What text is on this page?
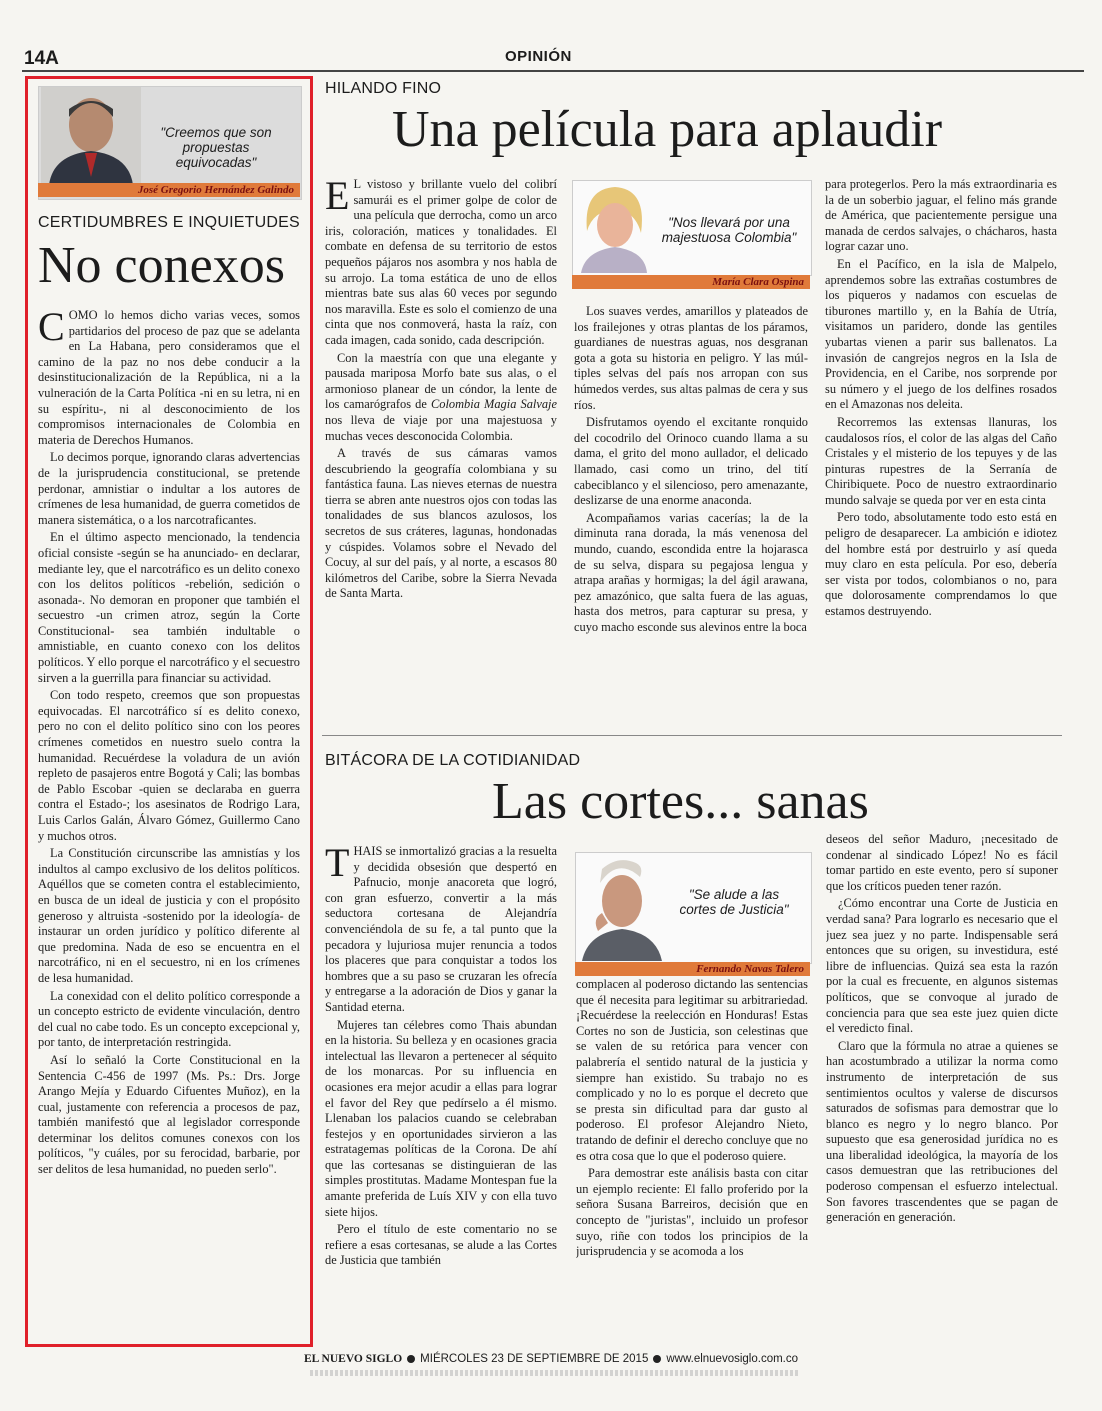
14A	OPINIÓN
"Creemos que son propuestas equivocadas"
José Gregorio Hernández Galindo
CERTIDUMBRES E INQUIETUDES
No conexos

COMO lo hemos dicho varias veces, somos partidarios del proceso de paz que se adelanta en La Habana, pero consideramos que el camino de la paz no nos debe conducir a la desinstitucionalización de la República, ni a la vulneración de la Carta Política -ni en su letra, ni en su espíritu-, ni al desconocimiento de los compromisos internacionales de Colombia en materia de Derechos Humanos.

Lo decimos porque, ignorando claras advertencias de la jurisprudencia constitucional, se pretende perdonar, amnistiar o indultar a los autores de crímenes de lesa humanidad, de guerra cometidos de manera sistemática, o a los narcotraficantes.

En el último aspecto mencionado, la tendencia oficial consiste -según se ha anunciado- en declarar, mediante ley, que el narcotráfico es un delito conexo con los delitos políticos -rebelión, sedición o asonada-. No demoran en proponer que también el secuestro -un crimen atroz, según la Corte Constitucional- sea también indultable o amnistiable, en cuanto conexo con los delitos políticos. Y ello porque el narcotráfico y el secuestro sirven a la guerrilla para financiar su actividad.

Con todo respeto, creemos que son propuestas equivocadas. El narcotráfico sí es delito conexo, pero no con el delito político sino con los peores crímenes cometidos en nuestro suelo contra la humanidad. Recuérdese la voladura de un avión repleto de pasajeros entre Bogotá y Cali; las bombas de Pablo Escobar -quien se declaraba en guerra contra el Estado-; los asesinatos de Rodrigo Lara, Luis Carlos Galán, Álvaro Gómez, Guillermo Cano y muchos otros.

La Constitución circunscribe las amnistías y los indultos al campo exclusivo de los delitos políticos. Aquéllos que se cometen contra el establecimiento, en busca de un ideal de justicia y con el propósito generoso y altruista -sostenido por la ideología- de instaurar un orden jurídico y político diferente al que predomina. Nada de eso se encuentra en el narcotráfico, ni en el secuestro, ni en los crímenes de lesa humanidad.

La conexidad con el delito político corresponde a un concepto estricto de evidente vinculación, dentro del cual no cabe todo. Es un concepto excepcional y, por tanto, de interpretación restringida.

Así lo señaló la Corte Constitucional en la Sentencia C-456 de 1997 (Ms. Ps.: Drs. Jorge Arango Mejía y Eduardo Cifuentes Muñoz), en la cual, justamente con referencia a procesos de paz, también manifestó que al legislador corresponde determinar los delitos comunes conexos con los políticos, "y cuáles, por su ferocidad, barbarie, por ser delitos de lesa humanidad, no pueden serlo".

HILANDO FINO
Una película para aplaudir

E L vistoso y brillante vuelo del colibrí samurái es el primer golpe de color de una película que derrocha, como un arco iris, coloración, matices y tonalidades. El combate en defensa de su territorio de estos pequeños pájaros nos asombra y nos habla de su arrojo. La toma estática de uno de ellos mientras bate sus alas 60 veces por segundo nos maravilla. Este es solo el comienzo de una cinta que nos conmoverá, hasta la raíz, con cada imagen, cada sonido, cada descripción.

Con la maestría con que una elegante y pausada mariposa Morfo bate sus alas, o el armonioso planear de un cóndor, la lente de los camarógrafos de Colombia Magia Salvaje nos lleva de viaje por una majestuosa y muchas veces desconocida Colombia.

A través de sus cámaras vamos descubriendo la geografía colombiana y su fantástica fauna. Las nieves eternas de nuestra tierra se abren ante nuestros ojos con todas las tonalidades de sus blancos azulosos, los secretos de sus cráteres, lagunas, hondonadas y cúspides. Volamos sobre el Nevado del Cocuy, al sur del país, y al norte, a escasos 80 kilómetros del Caribe, sobre la Sierra Nevada de Santa Marta.

"Nos llevará por una majestuosa Colombia"
María Clara Ospina

Los suaves verdes, amarillos y plateados de los frailejones y otras plantas de los páramos, guardianes de nuestras aguas, nos desgranan gota a gota su historia en peligro. Y las múltiples selvas del país nos arropan con sus húmedos verdes, sus altas palmas de cera y sus ríos.

Disfrutamos oyendo el excitante ronquido del cocodrilo del Orinoco cuando llama a su dama, el grito del mono aullador, el delicado llamado, casi como un trino, del tití cabeciblanco y el silencioso, pero amenazante, deslizarse de una enorme anaconda.

Acompañamos varias cacerías; la de la diminuta rana dorada, la más venenosa del mundo, cuando, escondida entre la hojarasca de su selva, dispara su pegajosa lengua y atrapa arañas y hormigas; la del ágil arawana, pez amazónico, que salta fuera de las aguas, hasta dos metros, para capturar su presa, y cuyo macho esconde sus alevinos entre la boca

para protegerlos. Pero la más extraordinaria es la de un soberbio jaguar, el felino más grande de América, que pacientemente persigue una manada de cerdos salvajes, o chácharos, hasta lograr cazar uno.

En el Pacífico, en la isla de Malpelo, aprendemos sobre las extrañas costumbres de los piqueros y nadamos con escuelas de tiburones martillo y, en la Bahía de Utría, visitamos un paridero, donde las gentiles yubartas vienen a parir sus ballenatos. La invasión de cangrejos negros en la Isla de Providencia, en el Caribe, nos sorprende por su número y el juego de los delfines rosados en el Amazonas nos deleita.

Recorremos las extensas llanuras, los caudalosos ríos, el color de las algas del Caño Cristales y el misterio de los tepuyes y de las pinturas rupestres de la Serranía de Chiribiquete. Poco de nuestro extraordinario mundo salvaje se queda por ver en esta cinta

Pero todo, absolutamente todo esto está en peligro de desaparecer. La ambición e idiotez del hombre está por destruirlo y así queda muy claro en esta película. Por eso, debería ser vista por todos, colombianos o no, para que dolorosamente comprendamos lo que estamos destruyendo.

BITÁCORA DE LA COTIDIANIDAD
Las cortes... sanas

THAIS se inmortalizó gracias a la resuelta y decidida obsesión que despertó en Pafnucio, monje anacoreta que logró, con gran esfuerzo, convertir a la más seductora cortesana de Alejandría convenciéndola de su fe, a tal punto que la pecadora y lujuriosa mujer renuncia a todos los placeres que para conquistar a todos los hombres que a su paso se cruzaran les ofrecía y entregarse a la adoración de Dios y ganar la Santidad eterna.

Mujeres tan célebres como Thais abundan en la historia. Su belleza y en ocasiones gracia intelectual las llevaron a pertenecer al séquito de los monarcas. Por su influencia en ocasiones era mejor acudir a ellas para lograr el favor del Rey que pedírselo a él mismo. Llenaban los palacios cuando se celebraban festejos y en oportunidades sirvieron a las estratagemas políticas de la Corona. De ahí que las cortesanas se distinguieran de las simples prostitutas. Madame Montespan fue la amante preferida de Luís XIV y con ella tuvo siete hijos.

Pero el título de este comentario no se refiere a esas cortesanas, se alude a las Cortes de Justicia que también

"Se alude a las cortes de Justicia"
Fernando Navas Talero

complacen al poderoso dictando las sentencias que él necesita para legitimar su arbitrariedad. ¡Recuérdese la reelección en Honduras! Estas Cortes no son de Justicia, son celestinas que se valen de su retórica para vencer con palabrería el sentido natural de la justicia y siempre han existido. Su trabajo no es complicado y no lo es porque el decreto que se presta sin dificultad para dar gusto al poderoso. El profesor Alejandro Nieto, tratando de definir el derecho concluye que no es otra cosa que lo que el poderoso quiere.

Para demostrar este análisis basta con citar un ejemplo reciente: El fallo proferido por la señora Susana Barreiros, decisión que en concepto de "juristas", incluido un profesor suyo, riñe con todos los principios de la jurisprudencia y se acomoda a los

deseos del señor Maduro, ¡necesitado de condenar al sindicado López! No es fácil tomar partido en este evento, pero sí suponer que los críticos pueden tener razón.

¿Cómo encontrar una Corte de Justicia en verdad sana? Para lograrlo es necesario que el juez sea juez y no parte. Indispensable será entonces que su origen, su investidura, esté libre de influencias. Quizá sea esta la razón por la cual es frecuente, en algunos sistemas políticos, que se convoque al jurado de conciencia para que sea este juez quien dicte el veredicto final.

Claro que la fórmula no atrae a quienes se han acostumbrado a utilizar la norma como instrumento de interpretación de sus sentimientos ocultos y valerse de discursos saturados de sofismas para demostrar que lo blanco es negro y lo negro blanco. Por supuesto que esa generosidad jurídica no es una liberalidad ideológica, la mayoría de los casos demuestran que las retribuciones del poderoso compensan el esfuerzo intelectual. Son favores trascendentes que se pagan de generación en generación.

EL NUEVO SIGLO MIÉRCOLES 23 DE SEPTIEMBRE DE 2015 www.elnuevosiglo.com.co
